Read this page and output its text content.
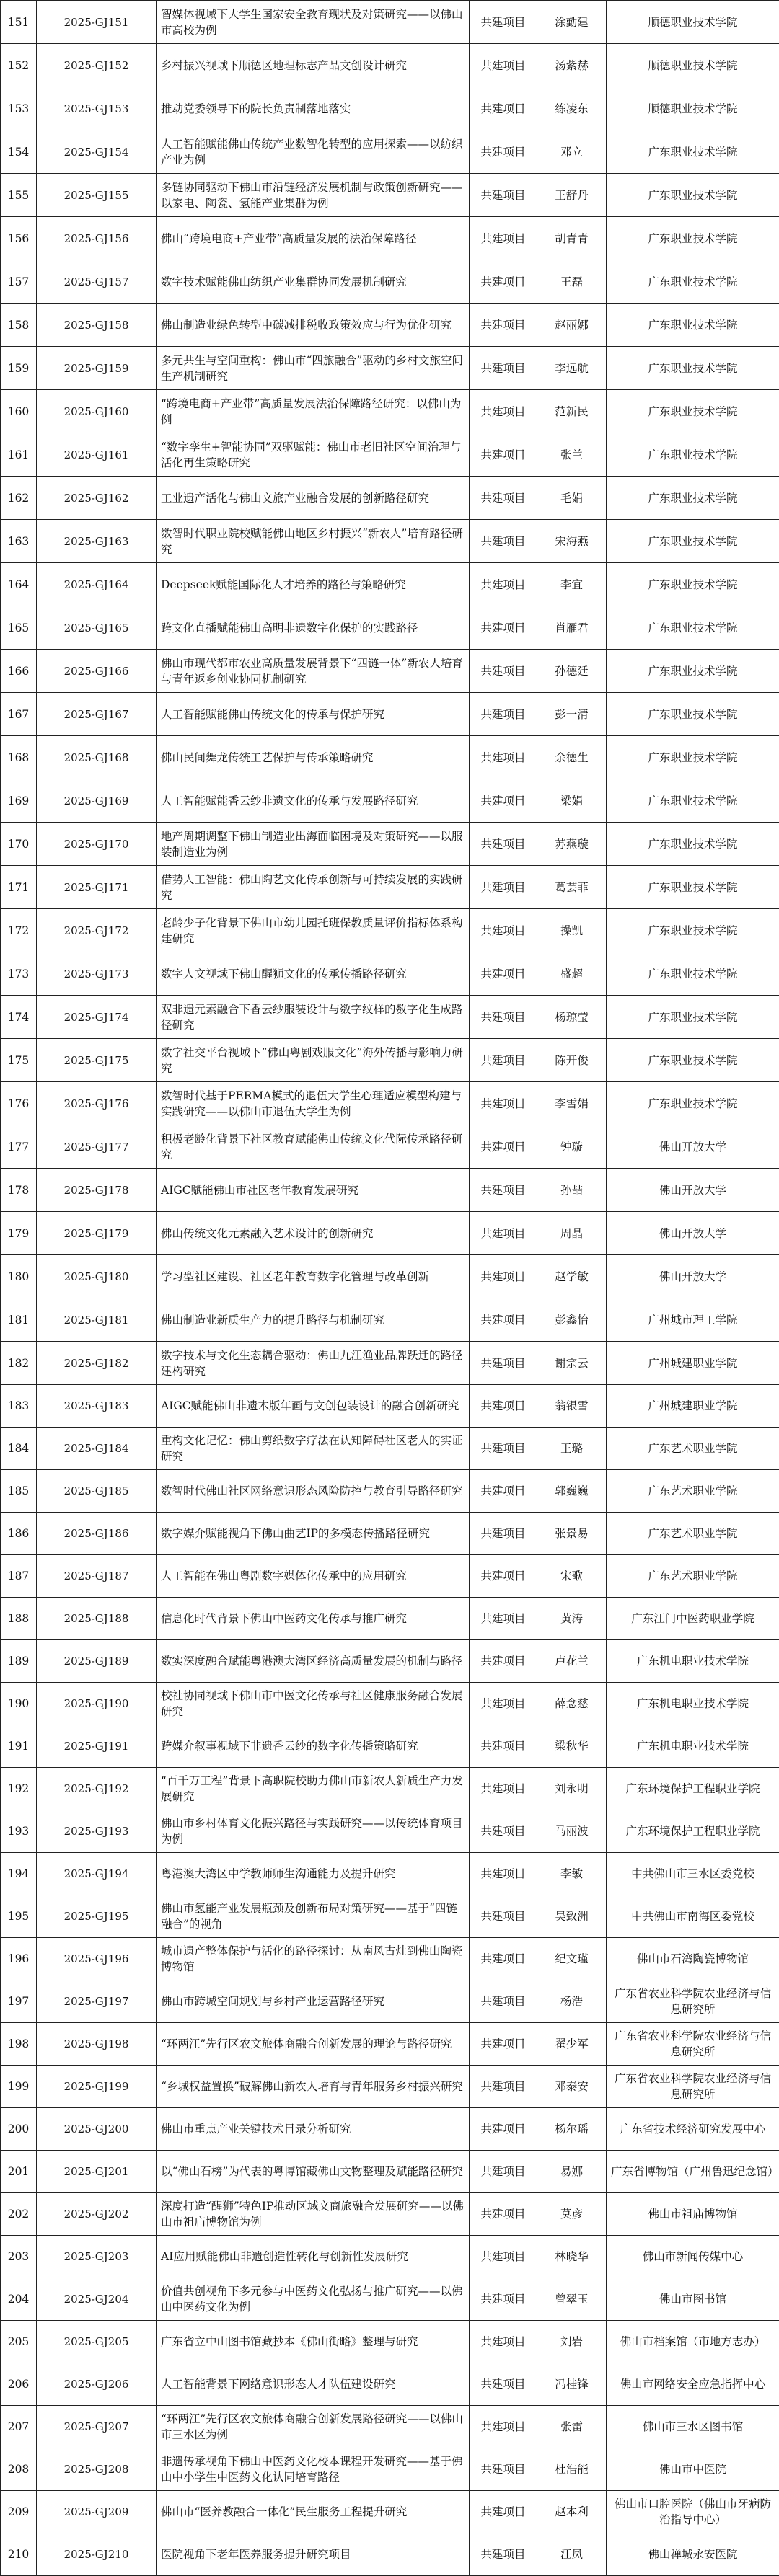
151	2025-GJ151	智媒体视域下大学生国家安全教育现状及对策研究——以佛山市高校为例	共建项目	涂勤建	顺德职业技术学院
152	2025-GJ152	乡村振兴视域下顺德区地理标志产品文创设计研究	共建项目	汤紫赫	顺德职业技术学院
153	2025-GJ153	推动党委领导下的院长负责制落地落实	共建项目	练凌东	顺德职业技术学院
154	2025-GJ154	人工智能赋能佛山传统产业数智化转型的应用探索——以纺织产业为例	共建项目	邓立	广东职业技术学院
155	2025-GJ155	多链协同驱动下佛山市沿链经济发展机制与政策创新研究——以家电、陶瓷、氢能产业集群为例	共建项目	王舒丹	广东职业技术学院
156	2025-GJ156	佛山“跨境电商+产业带”高质量发展的法治保障路径	共建项目	胡青青	广东职业技术学院
157	2025-GJ157	数字技术赋能佛山纺织产业集群协同发展机制研究	共建项目	王磊	广东职业技术学院
158	2025-GJ158	佛山制造业绿色转型中碳减排税收政策效应与行为优化研究	共建项目	赵丽娜	广东职业技术学院
159	2025-GJ159	多元共生与空间重构：佛山市“四旅融合”驱动的乡村文旅空间生产机制研究	共建项目	李远航	广东职业技术学院
160	2025-GJ160	“跨境电商+产业带”高质量发展法治保障路径研究：以佛山为例	共建项目	范新民	广东职业技术学院
161	2025-GJ161	“数字孪生+智能协同”双驱赋能：佛山市老旧社区空间治理与活化再生策略研究	共建项目	张兰	广东职业技术学院
162	2025-GJ162	工业遗产活化与佛山文旅产业融合发展的创新路径研究	共建项目	毛娟	广东职业技术学院
163	2025-GJ163	数智时代职业院校赋能佛山地区乡村振兴“新农人”培育路径研究	共建项目	宋海燕	广东职业技术学院
164	2025-GJ164	Deepseek赋能国际化人才培养的路径与策略研究	共建项目	李宜	广东职业技术学院
165	2025-GJ165	跨文化直播赋能佛山高明非遗数字化保护的实践路径	共建项目	肖雁君	广东职业技术学院
166	2025-GJ166	佛山市现代都市农业高质量发展背景下“四链一体”新农人培育与青年返乡创业协同机制研究	共建项目	孙德廷	广东职业技术学院
167	2025-GJ167	人工智能赋能佛山传统文化的传承与保护研究	共建项目	彭一清	广东职业技术学院
168	2025-GJ168	佛山民间舞龙传统工艺保护与传承策略研究	共建项目	余德生	广东职业技术学院
169	2025-GJ169	人工智能赋能香云纱非遗文化的传承与发展路径研究	共建项目	梁娟	广东职业技术学院
170	2025-GJ170	地产周期调整下佛山制造业出海面临困境及对策研究——以服装制造业为例	共建项目	苏燕璇	广东职业技术学院
171	2025-GJ171	借势人工智能：佛山陶艺文化传承创新与可持续发展的实践研究	共建项目	葛芸菲	广东职业技术学院
172	2025-GJ172	老龄少子化背景下佛山市幼儿园托班保教质量评价指标体系构建研究	共建项目	操凯	广东职业技术学院
173	2025-GJ173	数字人文视域下佛山醒狮文化的传承传播路径研究	共建项目	盛超	广东职业技术学院
174	2025-GJ174	双非遗元素融合下香云纱服装设计与数字纹样的数字化生成路径研究	共建项目	杨琼莹	广东职业技术学院
175	2025-GJ175	数字社交平台视域下“佛山粤剧戏服文化”海外传播与影响力研究	共建项目	陈开俊	广东职业技术学院
176	2025-GJ176	数智时代基于PERMA模式的退伍大学生心理适应模型构建与实践研究——以佛山市退伍大学生为例	共建项目	李雪娟	广东职业技术学院
177	2025-GJ177	积极老龄化背景下社区教育赋能佛山传统文化代际传承路径研究	共建项目	钟璇	佛山开放大学
178	2025-GJ178	AIGC赋能佛山市社区老年教育发展研究	共建项目	孙喆	佛山开放大学
179	2025-GJ179	佛山传统文化元素融入艺术设计的创新研究	共建项目	周晶	佛山开放大学
180	2025-GJ180	学习型社区建设、社区老年教育数字化管理与改革创新	共建项目	赵学敏	佛山开放大学
181	2025-GJ181	佛山制造业新质生产力的提升路径与机制研究	共建项目	彭鑫怡	广州城市理工学院
182	2025-GJ182	数字技术与文化生态耦合驱动：佛山九江渔业品牌跃迁的路径建构研究	共建项目	谢宗云	广州城建职业学院
183	2025-GJ183	AIGC赋能佛山非遗木版年画与文创包装设计的融合创新研究	共建项目	翁银雪	广州城建职业学院
184	2025-GJ184	重构文化记忆：佛山剪纸数字疗法在认知障碍社区老人的实证研究	共建项目	王璐	广东艺术职业学院
185	2025-GJ185	数智时代佛山社区网络意识形态风险防控与教育引导路径研究	共建项目	郭巍巍	广东艺术职业学院
186	2025-GJ186	数字媒介赋能视角下佛山曲艺IP的多模态传播路径研究	共建项目	张景易	广东艺术职业学院
187	2025-GJ187	人工智能在佛山粤剧数字媒体化传承中的应用研究	共建项目	宋歌	广东艺术职业学院
188	2025-GJ188	信息化时代背景下佛山中医药文化传承与推广研究	共建项目	黄涛	广东江门中医药职业学院
189	2025-GJ189	数实深度融合赋能粤港澳大湾区经济高质量发展的机制与路径	共建项目	卢花兰	广东机电职业技术学院
190	2025-GJ190	校社协同视域下佛山市中医文化传承与社区健康服务融合发展研究	共建项目	薛念慈	广东机电职业技术学院
191	2025-GJ191	跨媒介叙事视域下非遗香云纱的数字化传播策略研究	共建项目	梁秋华	广东机电职业技术学院
192	2025-GJ192	“百千万工程”背景下高职院校助力佛山市新农人新质生产力发展研究	共建项目	刘永明	广东环境保护工程职业学院
193	2025-GJ193	佛山市乡村体育文化振兴路径与实践研究——以传统体育项目为例	共建项目	马丽波	广东环境保护工程职业学院
194	2025-GJ194	粤港澳大湾区中学教师师生沟通能力及提升研究	共建项目	李敏	中共佛山市三水区委党校
195	2025-GJ195	佛山市氢能产业发展瓶颈及创新布局对策研究——基于“四链融合”的视角	共建项目	吴致洲	中共佛山市南海区委党校
196	2025-GJ196	城市遗产整体保护与活化的路径探讨：从南风古灶到佛山陶瓷博物馆	共建项目	纪文瑾	佛山市石湾陶瓷博物馆
197	2025-GJ197	佛山市跨城空间规划与乡村产业运营路径研究	共建项目	杨浩	广东省农业科学院农业经济与信息研究所
198	2025-GJ198	“环两江”先行区农文旅体商融合创新发展的理论与路径研究	共建项目	翟少军	广东省农业科学院农业经济与信息研究所
199	2025-GJ199	“乡城权益置换”破解佛山新农人培育与青年服务乡村振兴研究	共建项目	邓泰安	广东省农业科学院农业经济与信息研究所
200	2025-GJ200	佛山市重点产业关键技术目录分析研究	共建项目	杨尔瑶	广东省技术经济研究发展中心
201	2025-GJ201	以“佛山石榜”为代表的粤博馆藏佛山文物整理及赋能路径研究	共建项目	易娜	广东省博物馆（广州鲁迅纪念馆）
202	2025-GJ202	深度打造“醒狮”特色IP推动区域文商旅融合发展研究——以佛山市祖庙博物馆为例	共建项目	莫彦	佛山市祖庙博物馆
203	2025-GJ203	AI应用赋能佛山非遗创造性转化与创新性发展研究	共建项目	林晓华	佛山市新闻传媒中心
204	2025-GJ204	价值共创视角下多元参与中医药文化弘扬与推广研究——以佛山中医药文化为例	共建项目	曾翠玉	佛山市图书馆
205	2025-GJ205	广东省立中山图书馆藏抄本《佛山街略》整理与研究	共建项目	刘岩	佛山市档案馆（市地方志办）
206	2025-GJ206	人工智能背景下网络意识形态人才队伍建设研究	共建项目	冯桂锋	佛山市网络安全应急指挥中心
207	2025-GJ207	“环两江”先行区农文旅体商融合创新发展路径研究——以佛山市三水区为例	共建项目	张雷	佛山市三水区图书馆
208	2025-GJ208	非遗传承视角下佛山中医药文化校本课程开发研究——基于佛山中小学生中医药文化认同培育路径	共建项目	杜浩能	佛山市中医院
209	2025-GJ209	佛山市“医养教融合一体化”民生服务工程提升研究	共建项目	赵本利	佛山市口腔医院（佛山市牙病防治指导中心）
210	2025-GJ210	医院视角下老年医养服务提升研究项目	共建项目	江凤	佛山禅城永安医院
